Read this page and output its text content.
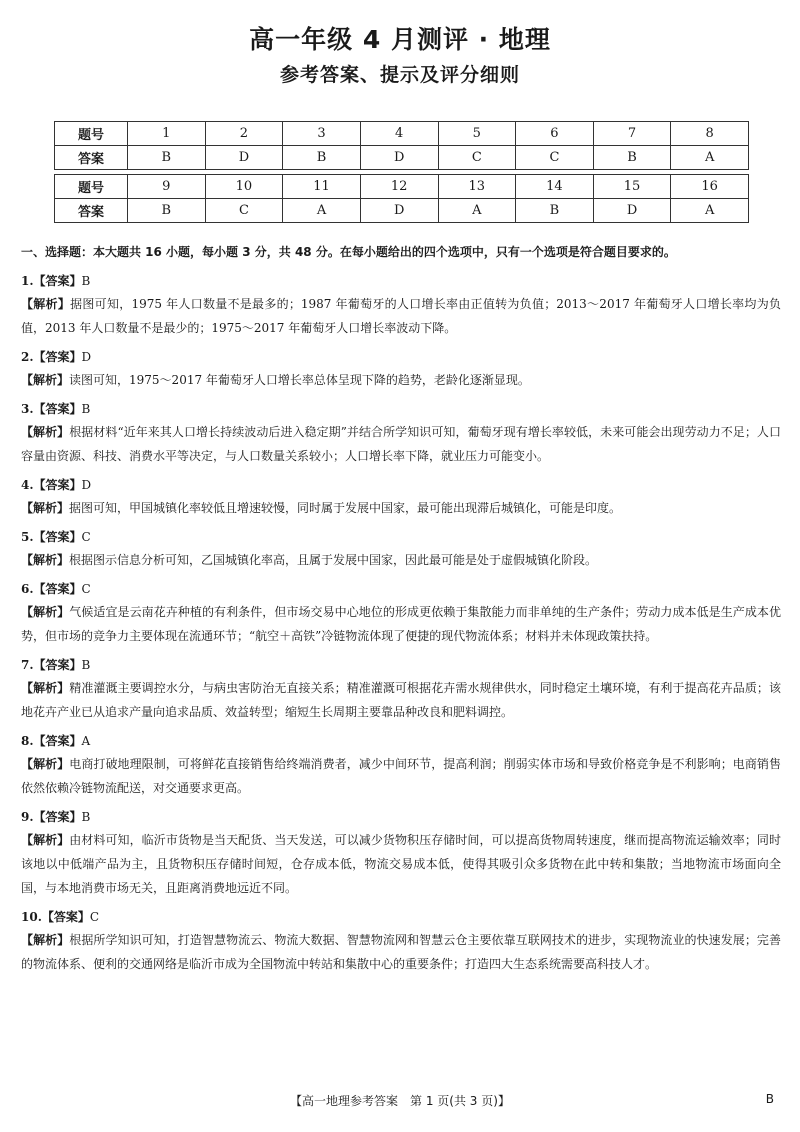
高一年级 4 月测评 · 地理
参考答案、提示及评分细则
题号	1	2	3	4	5	6	7	8
答案	B	D	B	D	C	C	B	A

题号	9	10	11	12	13	14	15	16
答案	B	C	A	D	A	B	D	A
一、选择题：本大题共 16 小题，每小题 3 分，共 48 分。在每小题给出的四个选项中，只有一个选项是符合题目要求的。
1.【答案】B
【解析】据图可知，1975 年人口数量不是最多的；1987 年葡萄牙的人口增长率由正值转为负值；2013～2017 年葡萄牙人口增长率均为负值，2013 年人口数量不是最少的；1975～2017 年葡萄牙人口增长率波动下降。
2.【答案】D
【解析】读图可知，1975～2017 年葡萄牙人口增长率总体呈现下降的趋势，老龄化逐渐显现。
3.【答案】B
【解析】根据材料“近年来其人口增长持续波动后进入稳定期”并结合所学知识可知，葡萄牙现有增长率较低，未来可能会出现劳动力不足；人口容量由资源、科技、消费水平等决定，与人口数量关系较小；人口增长率下降，就业压力可能变小。
4.【答案】D
【解析】据图可知，甲国城镇化率较低且增速较慢，同时属于发展中国家，最可能出现滞后城镇化，可能是印度。
5.【答案】C
【解析】根据图示信息分析可知，乙国城镇化率高，且属于发展中国家，因此最可能是处于虚假城镇化阶段。
6.【答案】C
【解析】气候适宜是云南花卉种植的有利条件，但市场交易中心地位的形成更依赖于集散能力而非单纯的生产条件；劳动力成本低是生产成本优势，但市场的竞争力主要体现在流通环节；“航空＋高铁”冷链物流体现了便捷的现代物流体系；材料并未体现政策扶持。
7.【答案】B
【解析】精准灌溉主要调控水分，与病虫害防治无直接关系；精准灌溉可根据花卉需水规律供水，同时稳定土壤环境，有利于提高花卉品质；该地花卉产业已从追求产量向追求品质、效益转型；缩短生长周期主要靠品种改良和肥料调控。
8.【答案】A
【解析】电商打破地理限制，可将鲜花直接销售给终端消费者，减少中间环节，提高利润；削弱实体市场和导致价格竞争是不利影响；电商销售依然依赖冷链物流配送，对交通要求更高。
9.【答案】B
【解析】由材料可知，临沂市货物是当天配货、当天发送，可以减少货物积压存储时间，可以提高货物周转速度，继而提高物流运输效率；同时该地以中低端产品为主，且货物积压存储时间短，仓存成本低，物流交易成本低，使得其吸引众多货物在此中转和集散；当地物流市场面向全国，与本地消费市场无关，且距离消费地远近不同。
10.【答案】C
【解析】根据所学知识可知，打造智慧物流云、物流大数据、智慧物流网和智慧云仓主要依靠互联网技术的进步，实现物流业的快速发展；完善的物流体系、便利的交通网络是临沂市成为全国物流中转站和集散中心的重要条件；打造四大生态系统需要高科技人才。
【高一地理参考答案　第 1 页(共 3 页)】	B
